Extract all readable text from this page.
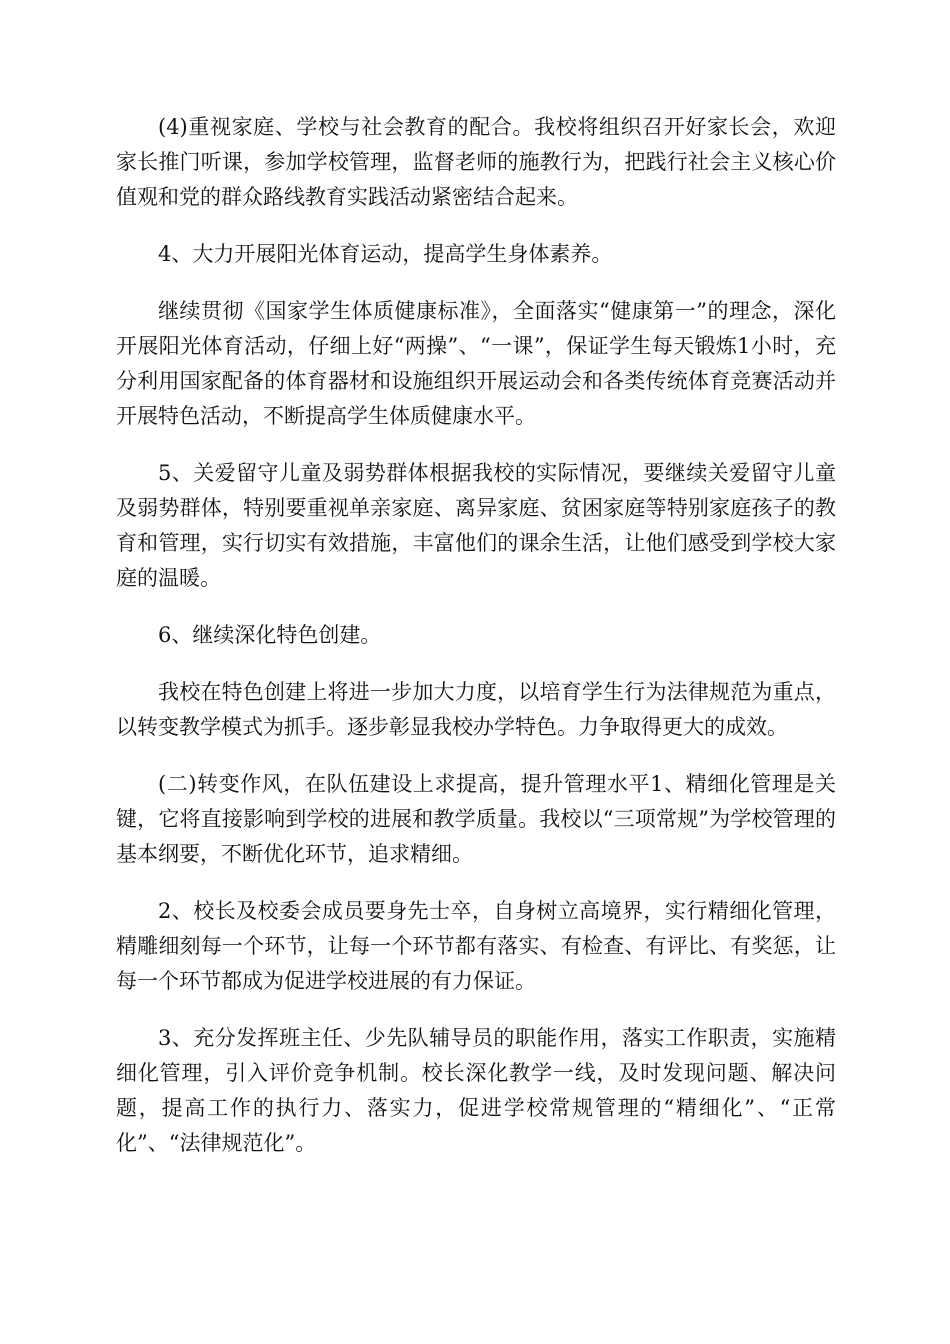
(4)重视家庭、学校与社会教育的配合。我校将组织召开好家长会，欢迎家长推门听课，参加学校管理，监督老师的施教行为，把践行社会主义核心价值观和党的群众路线教育实践活动紧密结合起来。

4、大力开展阳光体育运动，提高学生身体素养。

继续贯彻《国家学生体质健康标准》，全面落实“健康第一”的理念，深化开展阳光体育活动，仔细上好“两操”、“一课”，保证学生每天锻炼1小时，充分利用国家配备的体育器材和设施组织开展运动会和各类传统体育竞赛活动并开展特色活动，不断提高学生体质健康水平。

5、关爱留守儿童及弱势群体根据我校的实际情况，要继续关爱留守儿童及弱势群体，特别要重视单亲家庭、离异家庭、贫困家庭等特别家庭孩子的教育和管理，实行切实有效措施，丰富他们的课余生活，让他们感受到学校大家庭的温暖。

6、继续深化特色创建。

我校在特色创建上将进一步加大力度，以培育学生行为法律规范为重点，以转变教学模式为抓手。逐步彰显我校办学特色。力争取得更大的成效。

(二)转变作风，在队伍建设上求提高，提升管理水平1、精细化管理是关键，它将直接影响到学校的进展和教学质量。我校以“三项常规”为学校管理的基本纲要，不断优化环节，追求精细。

2、校长及校委会成员要身先士卒，自身树立高境界，实行精细化管理，精雕细刻每一个环节，让每一个环节都有落实、有检查、有评比、有奖惩，让每一个环节都成为促进学校进展的有力保证。

3、充分发挥班主任、少先队辅导员的职能作用，落实工作职责，实施精细化管理，引入评价竞争机制。校长深化教学一线，及时发现问题、解决问题，提高工作的执行力、落实力，促进学校常规管理的“精细化”、“正常化”、“法律规范化”。
